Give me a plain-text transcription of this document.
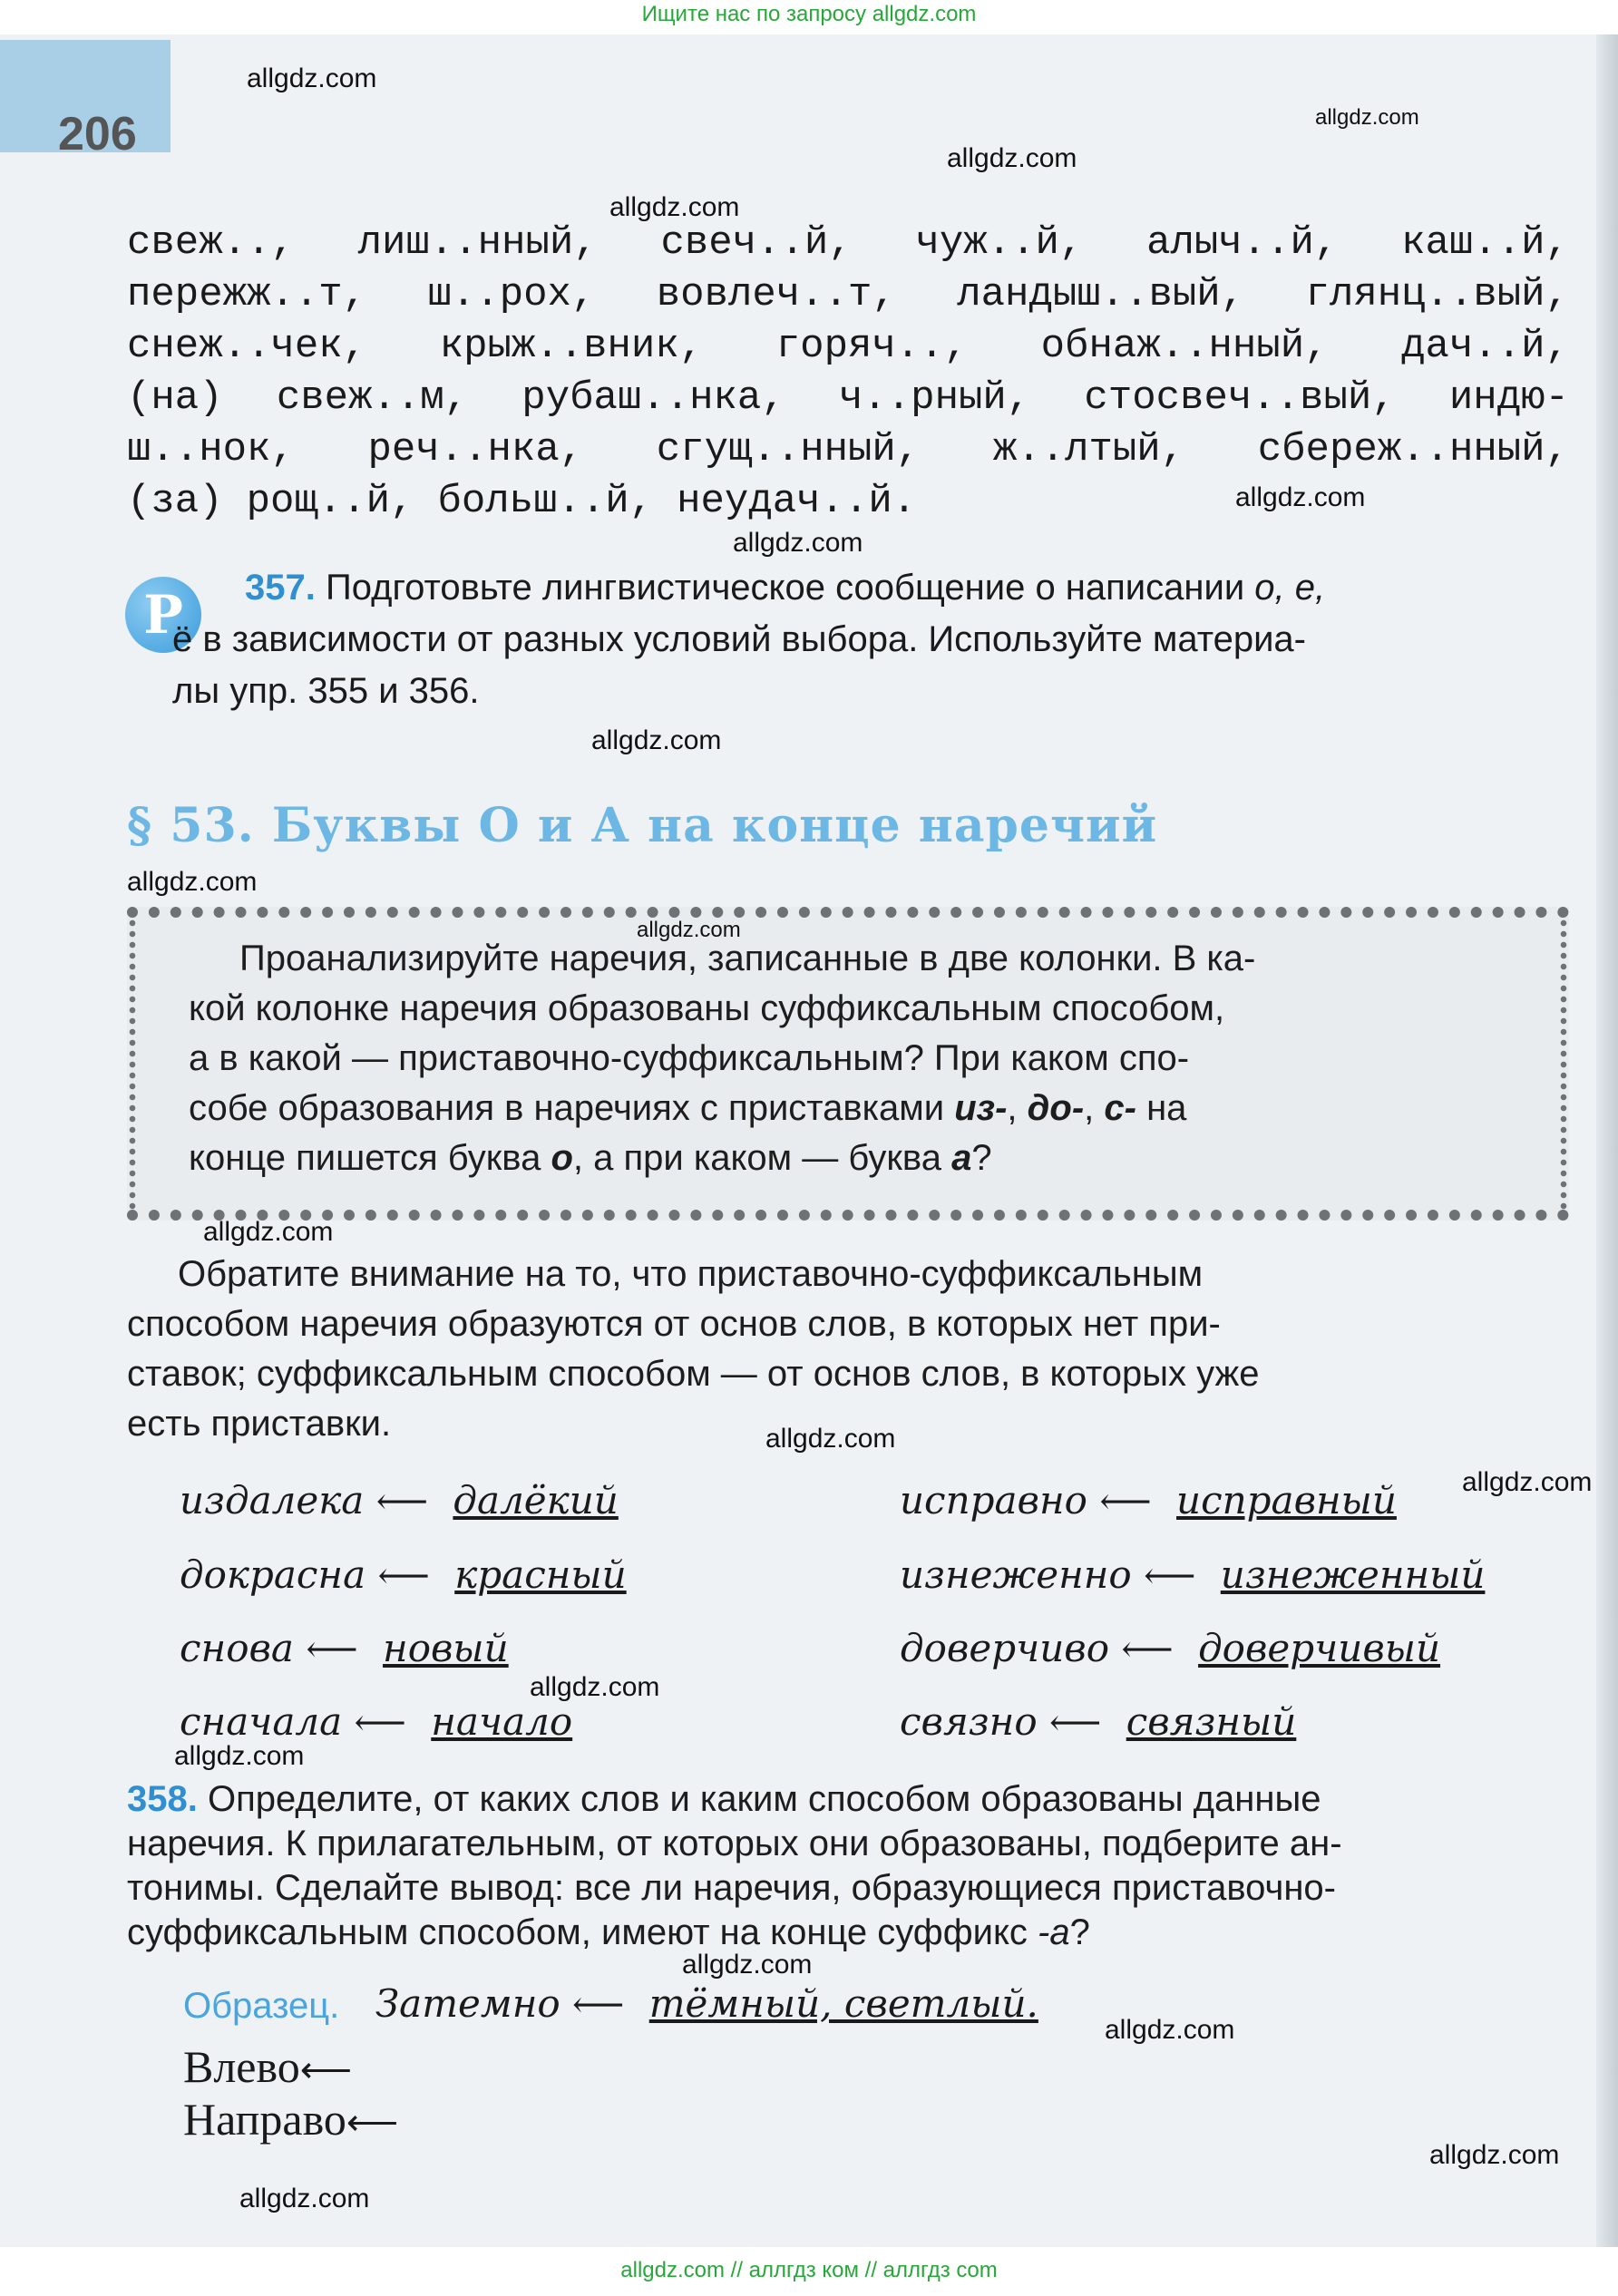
Ищите нас по запросу allgdz.com
206
свеж.., лиш..нный, свеч..й, чуж..й, алыч..й, каш..й,
пережж..т, ш..рох, вовлеч..т, ландыш..вый, глянц..вый,
снеж..чек, крыж..вник, горяч.., обнаж..нный, дач..й,
(на) свеж..м, рубаш..нка, ч..рный, стосвеч..вый, индю-
ш..нок, реч..нка, сгущ..нный, ж..лтый, сбереж..нный,
(за) рощ..й, больш..й, неудач..й.
Р	357. Подготовьте лингвистическое сообщение о написании о, е,
ё в зависимости от разных условий выбора. Используйте материа-
лы упр. 355 и 356.
§ 53. Буквы О и А на конце наречий
Проанализируйте наречия, записанные в две колонки. В ка-
кой колонке наречия образованы суффиксальным способом,
а в какой — приставочно-суффиксальным? При каком спо-
собе образования в наречиях с приставками из-, до-, с- на
конце пишется буква о, а при каком — буква а?
Обратите внимание на то, что приставочно-суффиксальным
способом наречия образуются от основ слов, в которых нет при-
ставок; суффиксальным способом — от основ слов, в которых уже
есть приставки.
издалека ⟵ далёкий
докрасна ⟵ красный
снова ⟵ новый
сначала ⟵ начало
исправно ⟵ исправный
изнеженно ⟵ изнеженный
доверчиво ⟵ доверчивый
связно ⟵ связный
358. Определите, от каких слов и каким способом образованы данные
наречия. К прилагательным, от которых они образованы, подберите ан-
тонимы. Сделайте вывод: все ли наречия, образующиеся приставочно-
суффиксальным способом, имеют на конце суффикс -а?
Образец. Затемно ⟵ тёмный, светлый.
Влево⟵
Направо⟵
allgdz.com
allgdz.com
allgdz.com
allgdz.com
allgdz.com
allgdz.com
allgdz.com
allgdz.com
allgdz.com
allgdz.com
allgdz.com
allgdz.com
allgdz.com
allgdz.com
allgdz.com
allgdz.com
allgdz.com
allgdz.com
allgdz.com // аллгдз ком // аллгдз com
